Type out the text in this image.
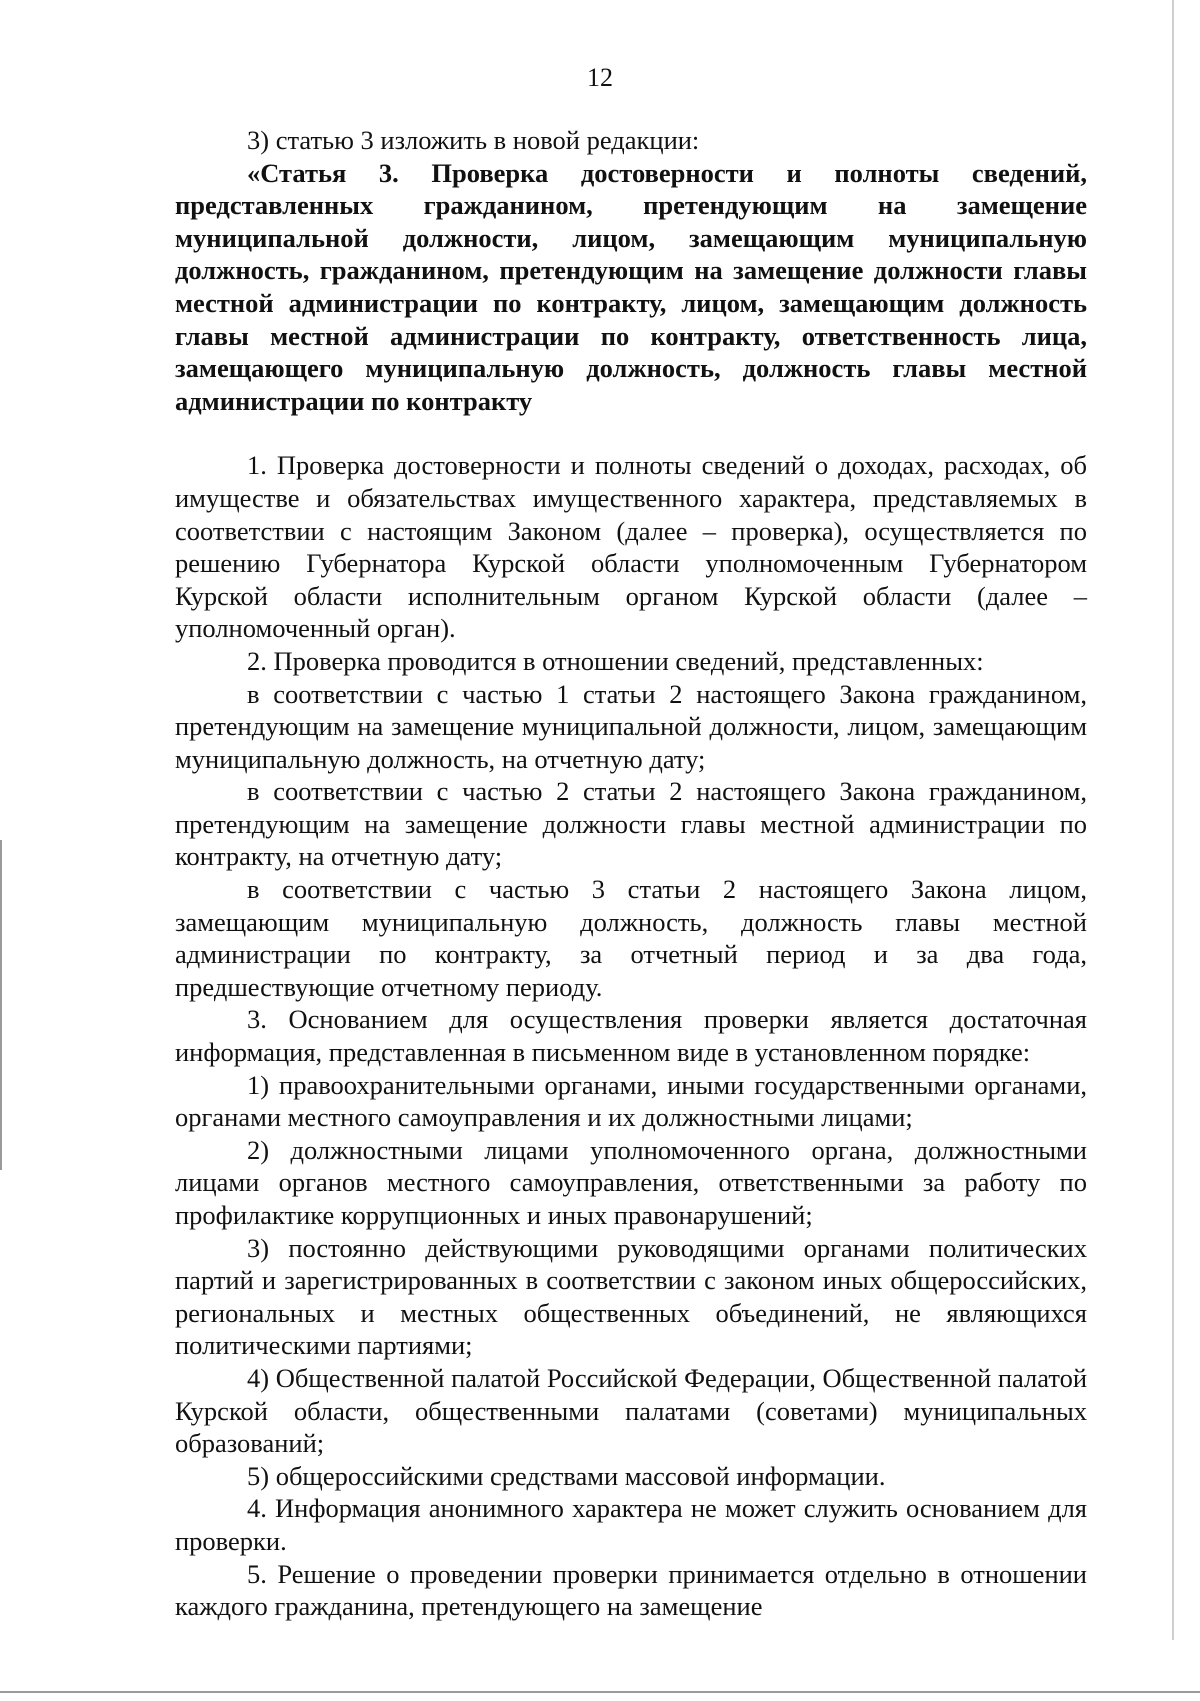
12

3) статью 3 изложить в новой редакции:

«Статья 3. Проверка достоверности и полноты сведений, представленных гражданином, претендующим на замещение муниципальной должности, лицом, замещающим муниципальную должность, гражданином, претендующим на замещение должности главы местной администрации по контракту, лицом, замещающим должность главы местной администрации по контракту, ответственность лица, замещающего муниципальную должность, должность главы местной администрации по контракту

1. Проверка достоверности и полноты сведений о доходах, расходах, об имуществе и обязательствах имущественного характера, представляемых в соответствии с настоящим Законом (далее – проверка), осуществляется по решению Губернатора Курской области уполномоченным Губернатором Курской области исполнительным органом Курской области (далее – уполномоченный орган).

2. Проверка проводится в отношении сведений, представленных:

в соответствии с частью 1 статьи 2 настоящего Закона гражданином, претендующим на замещение муниципальной должности, лицом, замещающим муниципальную должность, на отчетную дату;

в соответствии с частью 2 статьи 2 настоящего Закона гражданином, претендующим на замещение должности главы местной администрации по контракту, на отчетную дату;

в соответствии с частью 3 статьи 2 настоящего Закона лицом, замещающим муниципальную должность, должность главы местной администрации по контракту, за отчетный период и за два года, предшествующие отчетному периоду.

3. Основанием для осуществления проверки является достаточная информация, представленная в письменном виде в установленном порядке:

1) правоохранительными органами, иными государственными органами, органами местного самоуправления и их должностными лицами;

2) должностными лицами уполномоченного органа, должностными лицами органов местного самоуправления, ответственными за работу по профилактике коррупционных и иных правонарушений;

3) постоянно действующими руководящими органами политических партий и зарегистрированных в соответствии с законом иных общероссийских, региональных и местных общественных объединений, не являющихся политическими партиями;

4) Общественной палатой Российской Федерации, Общественной палатой Курской области, общественными палатами (советами) муниципальных образований;

5) общероссийскими средствами массовой информации.

4. Информация анонимного характера не может служить основанием для проверки.

5. Решение о проведении проверки принимается отдельно в отношении каждого гражданина, претендующего на замещение
